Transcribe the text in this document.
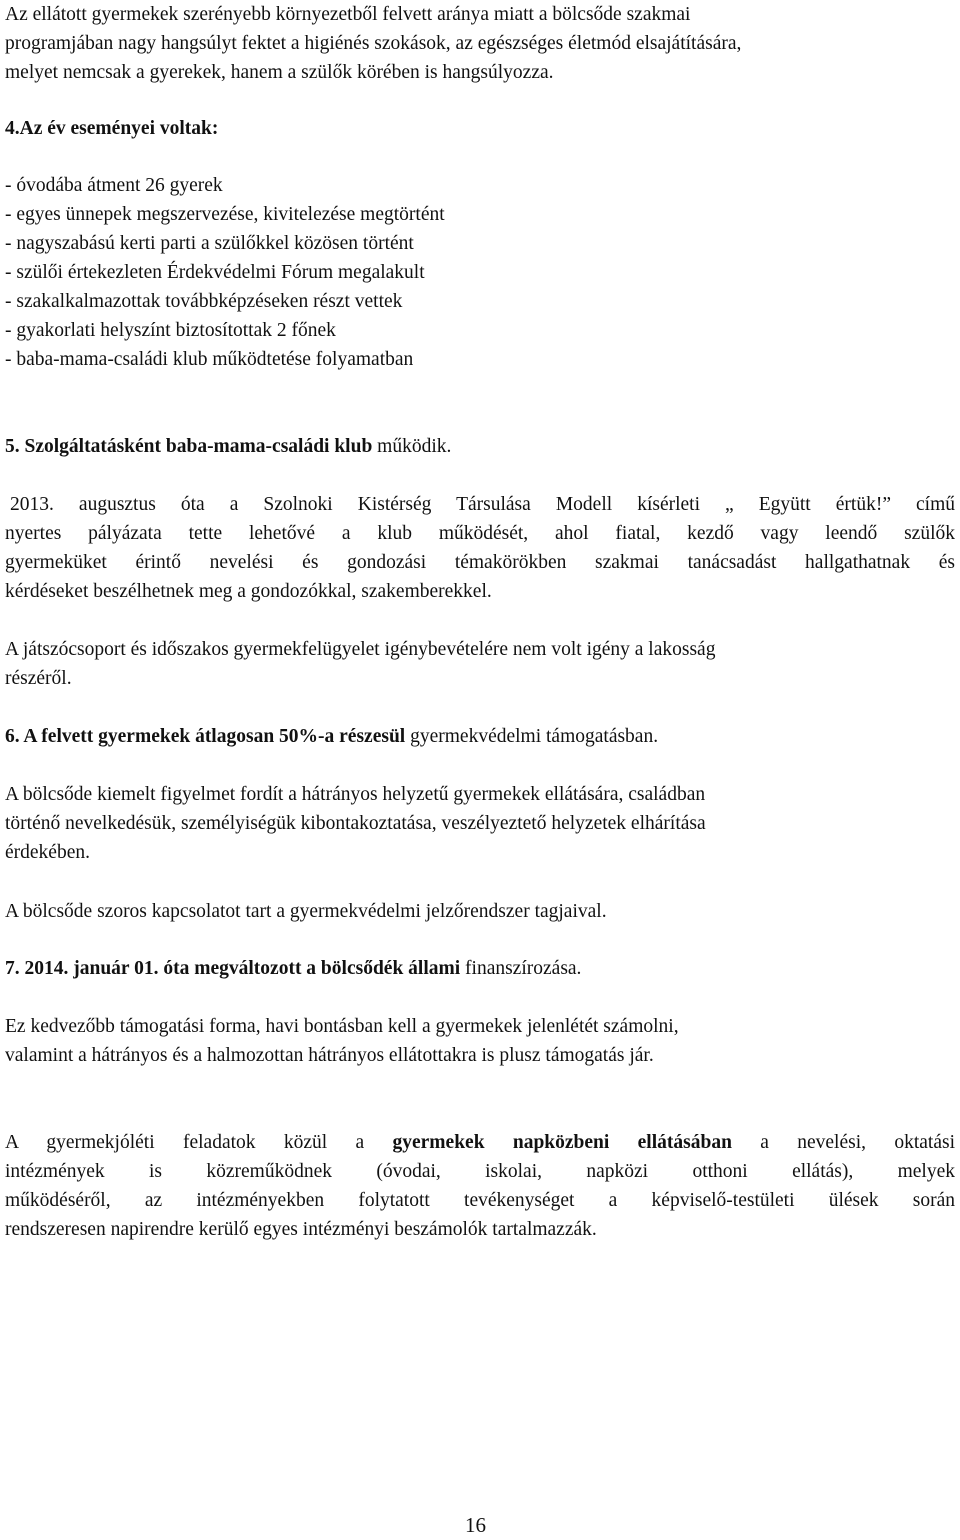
Az ellátott gyermekek szerényebb környezetből felvett aránya miatt a bölcsőde szakmai
programjában nagy hangsúlyt fektet a higiénés szokások, az egészséges életmód elsajátítására,
melyet nemcsak a gyerekek, hanem a szülők körében is hangsúlyozza.

4.Az év eseményei voltak:

- óvodába átment 26 gyerek
- egyes ünnepek megszervezése, kivitelezése megtörtént
- nagyszabású kerti parti a szülőkkel közösen történt
- szülői értekezleten Érdekvédelmi Fórum megalakult
- szakalkalmazottak továbbképzéseken részt vettek
- gyakorlati helyszínt biztosítottak 2 főnek
- baba-mama-családi klub működtetése folyamatban

5. Szolgáltatásként baba-mama-családi klub működik.

2013. augusztus óta a Szolnoki Kistérség Társulása Modell kísérleti „ Együtt értük!” című
nyertes pályázata tette lehetővé a klub működését, ahol fiatal, kezdő vagy leendő szülők
gyermeküket érintő nevelési és gondozási témakörökben szakmai tanácsadást hallgathatnak és
kérdéseket beszélhetnek meg a gondozókkal, szakemberekkel.

A játszócsoport és időszakos gyermekfelügyelet igénybevételére nem volt igény a lakosság
részéről.

6. A felvett gyermekek átlagosan 50%-a részesül gyermekvédelmi támogatásban.

A bölcsőde kiemelt figyelmet fordít a hátrányos helyzetű gyermekek ellátására, családban
történő nevelkedésük, személyiségük kibontakoztatása, veszélyeztető helyzetek elhárítása
érdekében.

A bölcsőde szoros kapcsolatot tart a gyermekvédelmi jelzőrendszer tagjaival.

7. 2014. január 01. óta megváltozott a bölcsődék állami finanszírozása.

Ez kedvezőbb támogatási forma, havi bontásban kell a gyermekek jelenlétét számolni,
valamint a hátrányos és a halmozottan hátrányos ellátottakra is plusz támogatás jár.

A gyermekjóléti feladatok közül a gyermekek napközbeni ellátásában a nevelési, oktatási
intézmények is közreműködnek (óvodai, iskolai, napközi otthoni ellátás), melyek
működéséről, az intézményekben folytatott tevékenységet a képviselő-testületi ülések során
rendszeresen napirendre kerülő egyes intézményi beszámolók tartalmazzák.

16
